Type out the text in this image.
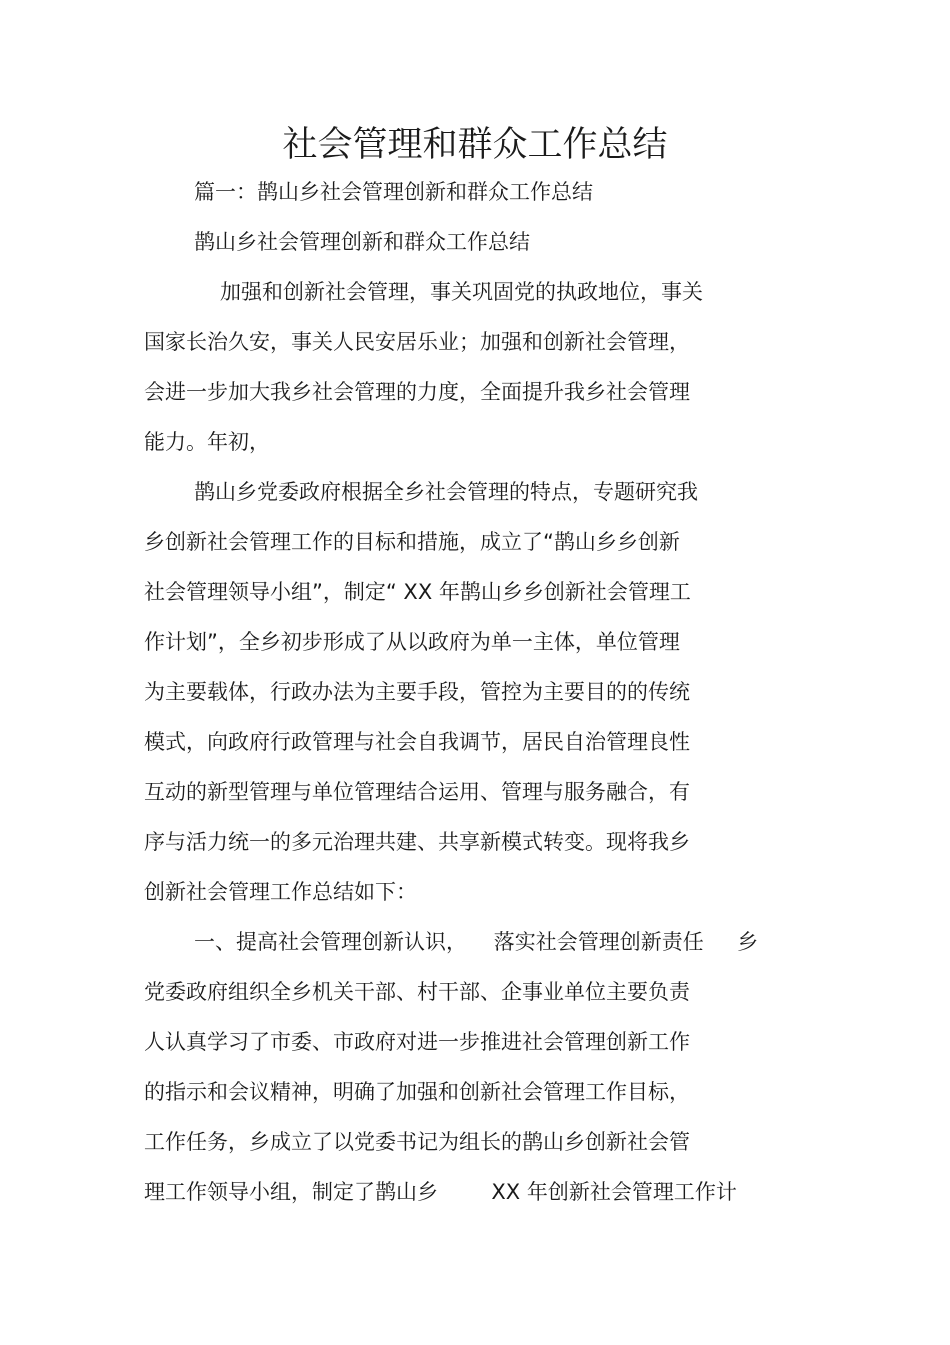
社会管理和群众工作总结
篇一：鹊山乡社会管理创新和群众工作总结
鹊山乡社会管理创新和群众工作总结
加强和创新社会管理，事关巩固党的执政地位，事关
国家长治久安，事关人民安居乐业；加强和创新社会管理，
会进一步加大我乡社会管理的力度，全面提升我乡社会管理
能力。年初，
鹊山乡党委政府根据全乡社会管理的特点，专题研究我
乡创新社会管理工作的目标和措施，成立了“鹊山乡乡创新
社会管理领导小组”，制定“ XX 年鹊山乡乡创新社会管理工
作计划”，全乡初步形成了从以政府为单一主体，单位管理
为主要载体，行政办法为主要手段，管控为主要目的的传统
模式，向政府行政管理与社会自我调节，居民自治管理良性
互动的新型管理与单位管理结合运用、管理与服务融合，有
序与活力统一的多元治理共建、共享新模式转变。现将我乡
创新社会管理工作总结如下：
一、提高社会管理创新认识，    落实社会管理创新责任     乡
党委政府组织全乡机关干部、村干部、企事业单位主要负责
人认真学习了市委、市政府对进一步推进社会管理创新工作
的指示和会议精神，明确了加强和创新社会管理工作目标，
工作任务，乡成立了以党委书记为组长的鹊山乡创新社会管
理工作领导小组，制定了鹊山乡        XX 年创新社会管理工作计
